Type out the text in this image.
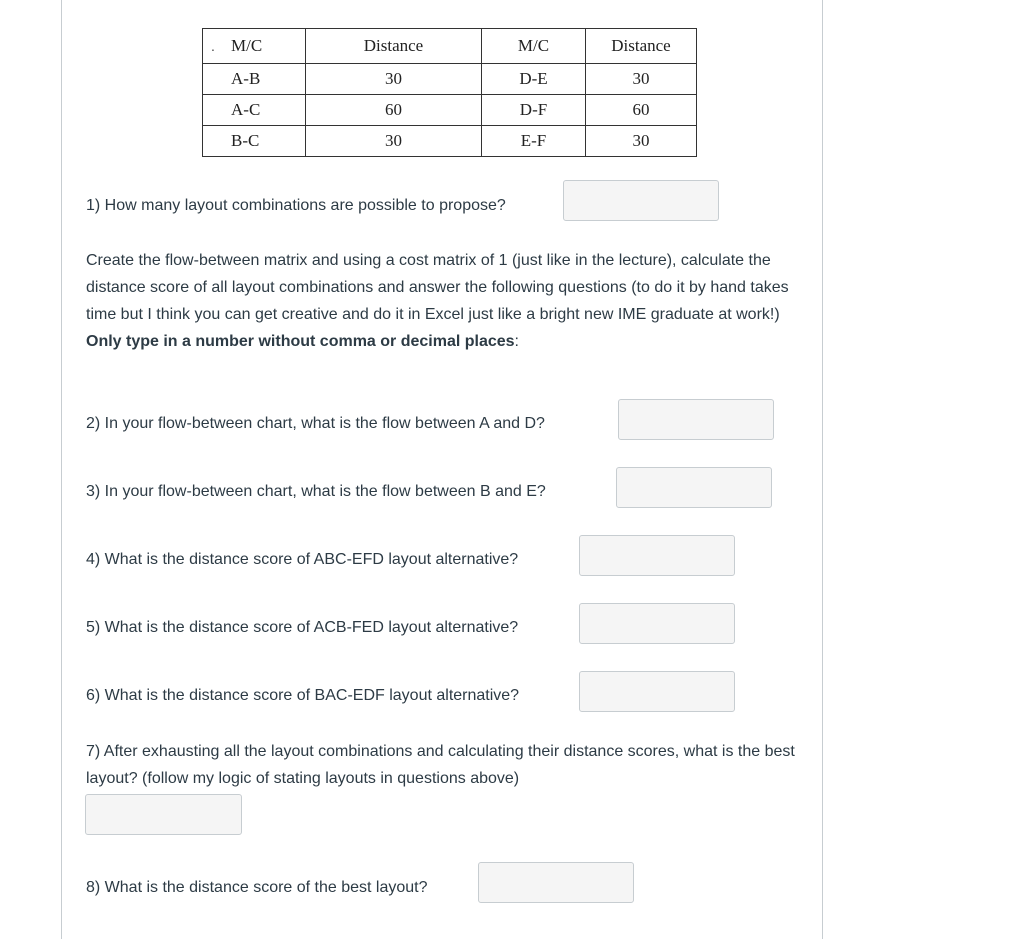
. M/C	Distance	M/C	Distance
A-B	30	D-E	30
A-C	60	D-F	60
B-C	30	E-F	30
1) How many layout combinations are possible to propose?
Create the flow-between matrix and using a cost matrix of 1 (just like in the lecture), calculate the distance score of all layout combinations and answer the following questions (to do it by hand takes time but I think you can get creative and do it in Excel just like a bright new IME graduate at work!) Only type in a number without comma or decimal places:
2) In your flow-between chart, what is the flow between A and D?
3) In your flow-between chart, what is the flow between B and E?
4) What is the distance score of ABC-EFD layout alternative?
5) What is the distance score of ACB-FED layout alternative?
6) What is the distance score of BAC-EDF layout alternative?
7) After exhausting all the layout combinations and calculating their distance scores, what is the best layout? (follow my logic of stating layouts in questions above)
8) What is the distance score of the best layout?
